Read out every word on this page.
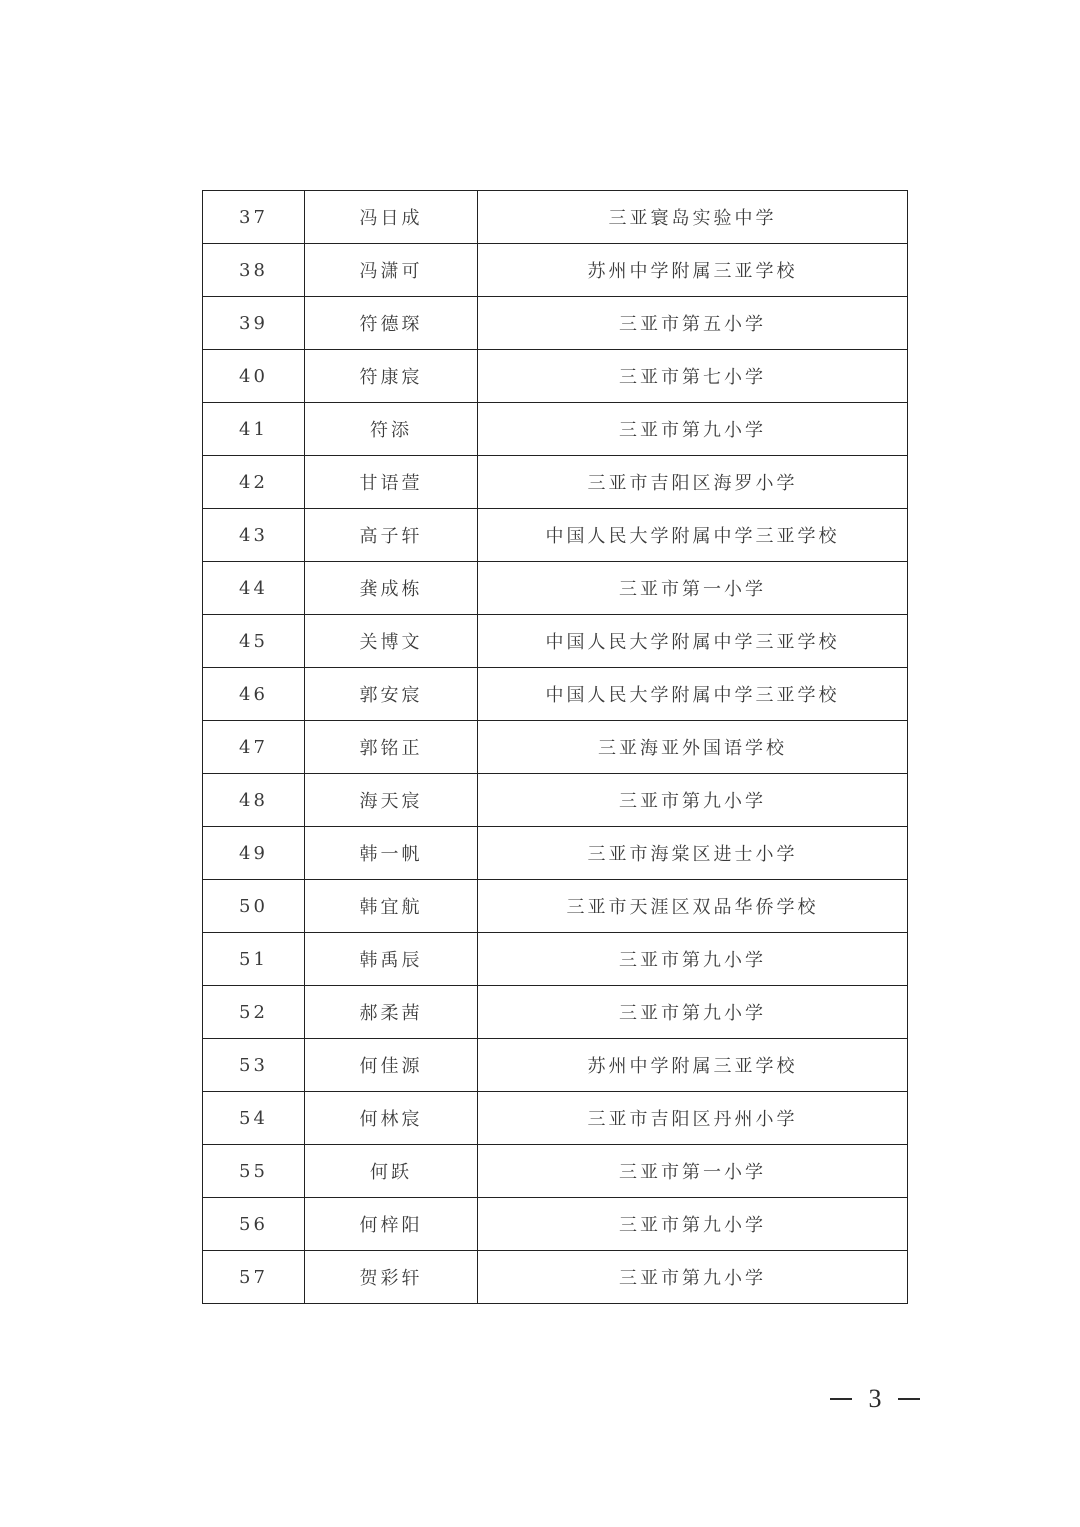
37	冯日成	三亚寰岛实验中学
38	冯潇可	苏州中学附属三亚学校
39	符德琛	三亚市第五小学
40	符康宸	三亚市第七小学
41	符添	三亚市第九小学
42	甘语萱	三亚市吉阳区海罗小学
43	高子轩	中国人民大学附属中学三亚学校
44	龚成栋	三亚市第一小学
45	关博文	中国人民大学附属中学三亚学校
46	郭安宸	中国人民大学附属中学三亚学校
47	郭铭正	三亚海亚外国语学校
48	海天宸	三亚市第九小学
49	韩一帆	三亚市海棠区进士小学
50	韩宜航	三亚市天涯区双品华侨学校
51	韩禹辰	三亚市第九小学
52	郝柔茜	三亚市第九小学
53	何佳源	苏州中学附属三亚学校
54	何林宸	三亚市吉阳区丹州小学
55	何跃	三亚市第一小学
56	何梓阳	三亚市第九小学
57	贺彩轩	三亚市第九小学
3
